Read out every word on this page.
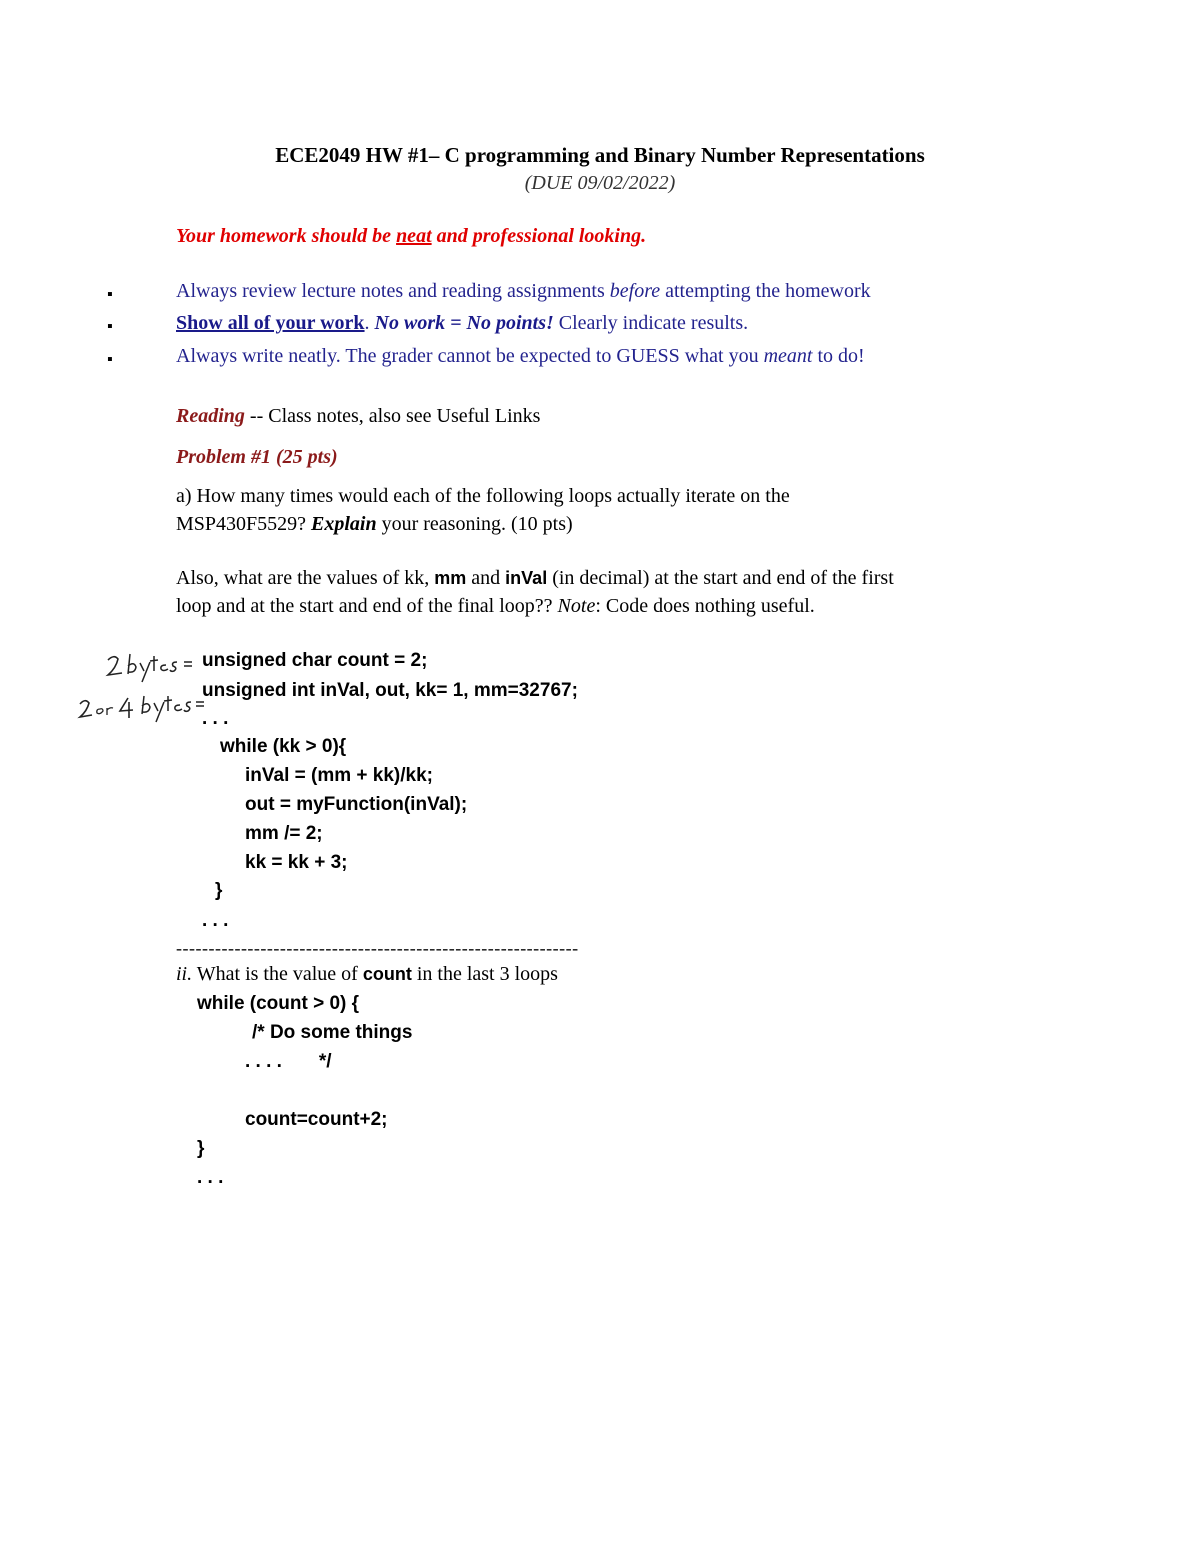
ECE2049 HW #1– C programming and Binary Number Representations
(DUE 09/02/2022)
Your homework should be neat and professional looking.
▪	Always review lecture notes and reading assignments before attempting the homework
▪	Show all of your work. No work = No points! Clearly indicate results.
▪	Always write neatly. The grader cannot be expected to GUESS what you meant to do!
Reading -- Class notes, also see Useful Links
Problem #1 (25 pts)
a) How many times would each of the following loops actually iterate on the
MSP430F5529? Explain your reasoning. (10 pts)
Also, what are the values of kk, mm and inVal (in decimal) at the start and end of the first
loop and at the start and end of the final loop?? Note: Code does nothing useful.
unsigned char count = 2;
unsigned int inVal, out, kk= 1, mm=32767;
. . .
while (kk > 0){
inVal = (mm + kk)/kk;
out = myFunction(inVal);
mm /= 2;
kk = kk + 3;
}
. . .
--------------------------------------------------------------
ii. What is the value of count in the last 3 loops
while (count > 0) {
/* Do some things
. . . .       */
count=count+2;
}
. . .
